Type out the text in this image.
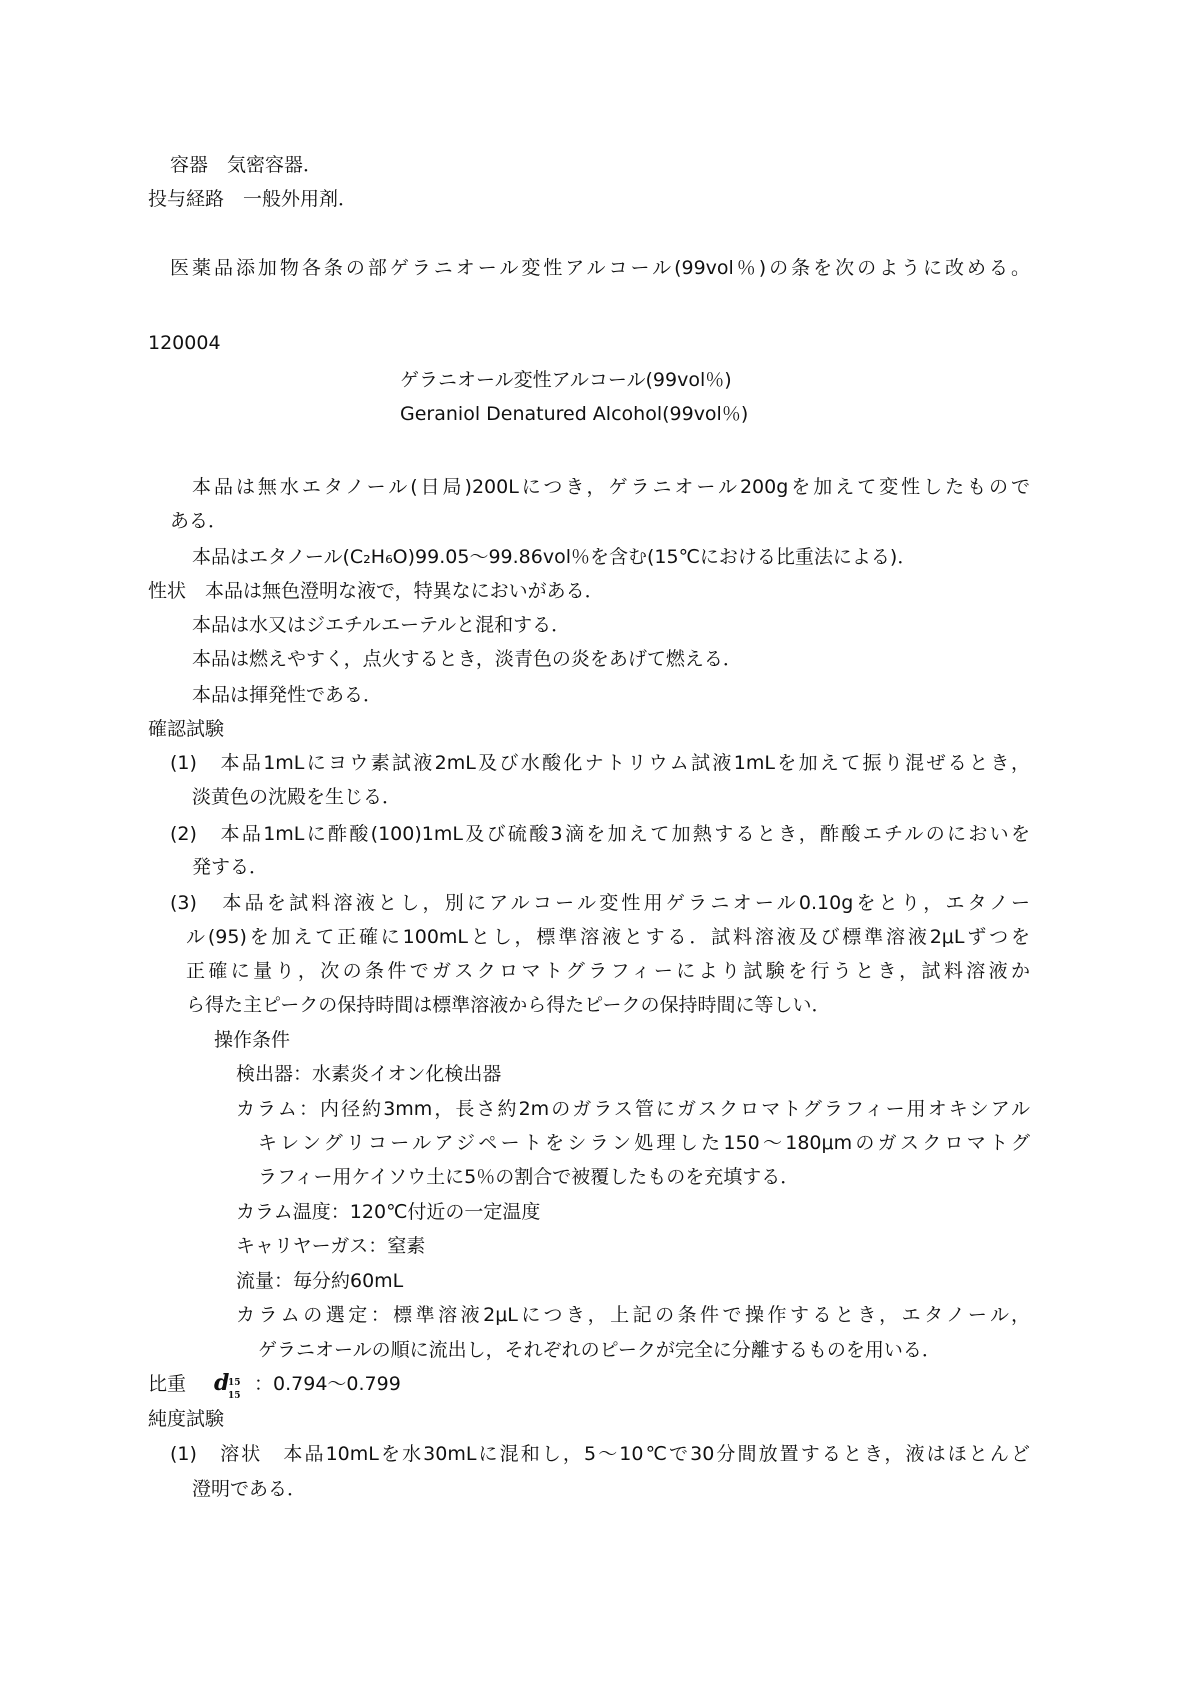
容器　気密容器．
投与経路　一般外用剤．
医薬品添加物各条の部ゲラニオール変性アルコール(99vol％)の条を次のように改める。
120004
ゲラニオール変性アルコール(99vol％)
Geraniol Denatured Alcohol(99vol％)
本品は無水エタノール(日局)200Lにつき，ゲラニオール200gを加えて変性したもので
ある．
本品はエタノール(C₂H₆O)99.05～99.86vol％を含む(15℃における比重法による)．
性状　本品は無色澄明な液で，特異なにおいがある．
本品は水又はジエチルエーテルと混和する．
本品は燃えやすく，点火するとき，淡青色の炎をあげて燃える．
本品は揮発性である．
確認試験
(1)　本品1mLにヨウ素試液2mL及び水酸化ナトリウム試液1mLを加えて振り混ぜるとき，
淡黄色の沈殿を生じる．
(2)　本品1mLに酢酸(100)1mL及び硫酸3滴を加えて加熱するとき，酢酸エチルのにおいを
発する．
(3)　本品を試料溶液とし，別にアルコール変性用ゲラニオール0.10gをとり，エタノー
ル(95)を加えて正確に100mLとし，標準溶液とする．試料溶液及び標準溶液2μLずつを
正確に量り，次の条件でガスクロマトグラフィーにより試験を行うとき，試料溶液か
ら得た主ピークの保持時間は標準溶液から得たピークの保持時間に等しい．
操作条件
検出器：水素炎イオン化検出器
カラム：内径約3mm，長さ約2mのガラス管にガスクロマトグラフィー用オキシアル
キレングリコールアジペートをシラン処理した150～180μmのガスクロマトグ
ラフィー用ケイソウ土に5％の割合で被覆したものを充填する．
カラム温度：120℃付近の一定温度
キャリヤーガス：窒素
流量：毎分約60mL
カラムの選定：標準溶液2μLにつき，上記の条件で操作するとき，エタノール，
ゲラニオールの順に流出し，それぞれのピークが完全に分離するものを用いる．
比重 d
15
15
：0.794～0.799
純度試験
(1)　溶状　本品10mLを水30mLに混和し，5～10℃で30分間放置するとき，液はほとんど
澄明である．
